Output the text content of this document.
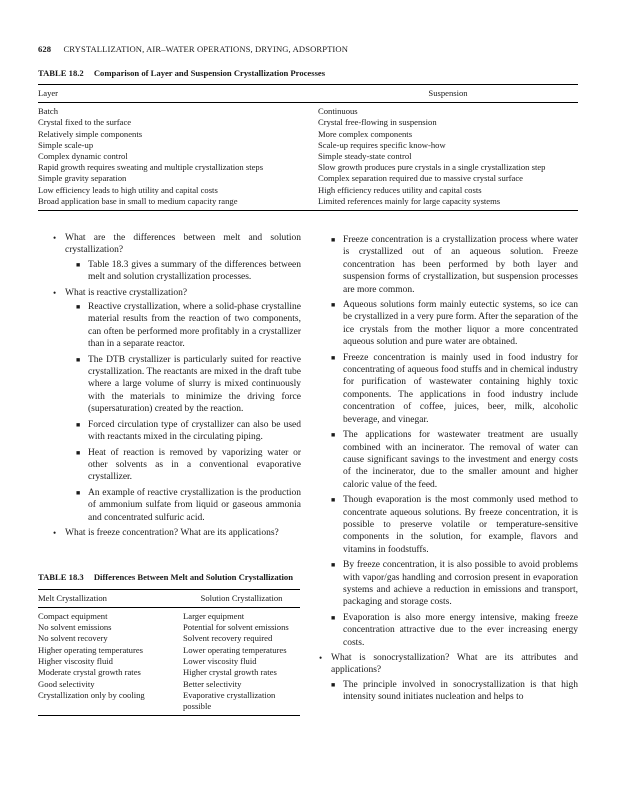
628 CRYSTALLIZATION, AIR–WATER OPERATIONS, DRYING, ADSORPTION
TABLE 18.2 Comparison of Layer and Suspension Crystallization Processes
Layer	Suspension
Batch	Continuous
Crystal fixed to the surface	Crystal free-flowing in suspension
Relatively simple components	More complex components
Simple scale-up	Scale-up requires specific know-how
Complex dynamic control	Simple steady-state control
Rapid growth requires sweating and multiple crystallization steps	Slow growth produces pure crystals in a single crystallization step
Simple gravity separation	Complex separation required due to massive crystal surface
Low efficiency leads to high utility and capital costs	High efficiency reduces utility and capital costs
Broad application base in small to medium capacity range	Limited references mainly for large capacity systems
• What are the differences between melt and solution crystallization?
■ Table 18.3 gives a summary of the differences between melt and solution crystallization processes.
• What is reactive crystallization?
■ Reactive crystallization, where a solid-phase crystalline material results from the reaction of two components, can often be performed more profitably in a crystallizer than in a separate reactor.
■ The DTB crystallizer is particularly suited for reactive crystallization. The reactants are mixed in the draft tube where a large volume of slurry is mixed continuously with the materials to minimize the driving force (supersaturation) created by the reaction.
■ Forced circulation type of crystallizer can also be used with reactants mixed in the circulating piping.
■ Heat of reaction is removed by vaporizing water or other solvents as in a conventional evaporative crystallizer.
■ An example of reactive crystallization is the production of ammonium sulfate from liquid or gaseous ammonia and concentrated sulfuric acid.
• What is freeze concentration? What are its applications?
TABLE 18.3 Differences Between Melt and Solution Crystallization
Melt Crystallization	Solution Crystallization
Compact equipment	Larger equipment
No solvent emissions	Potential for solvent emissions
No solvent recovery	Solvent recovery required
Higher operating temperatures	Lower operating temperatures
Higher viscosity fluid	Lower viscosity fluid
Moderate crystal growth rates	Higher crystal growth rates
Good selectivity	Better selectivity
Crystallization only by cooling	Evaporative crystallization
	possible
■ Freeze concentration is a crystallization process where water is crystallized out of an aqueous solution. Freeze concentration has been performed by both layer and suspension forms of crystallization, but suspension processes are more common.
■ Aqueous solutions form mainly eutectic systems, so ice can be crystallized in a very pure form. After the separation of the ice crystals from the mother liquor a more concentrated aqueous solution and pure water are obtained.
■ Freeze concentration is mainly used in food industry for concentrating of aqueous food stuffs and in chemical industry for purification of wastewater containing highly toxic components. The applications in food industry include concentration of coffee, juices, beer, milk, alcoholic beverage, and vinegar.
■ The applications for wastewater treatment are usually combined with an incinerator. The removal of water can cause significant savings to the investment and energy costs of the incinerator, due to the smaller amount and higher caloric value of the feed.
■ Though evaporation is the most commonly used method to concentrate aqueous solutions. By freeze concentration, it is possible to preserve volatile or temperature-sensitive components in the solution, for example, flavors and vitamins in foodstuffs.
■ By freeze concentration, it is also possible to avoid problems with vapor/gas handling and corrosion present in evaporation systems and achieve a reduction in emissions and transport, packaging and storage costs.
■ Evaporation is also more energy intensive, making freeze concentration attractive due to the ever increasing energy costs.
• What is sonocrystallization? What are its attributes and applications?
■ The principle involved in sonocrystallization is that high intensity sound initiates nucleation and helps to
